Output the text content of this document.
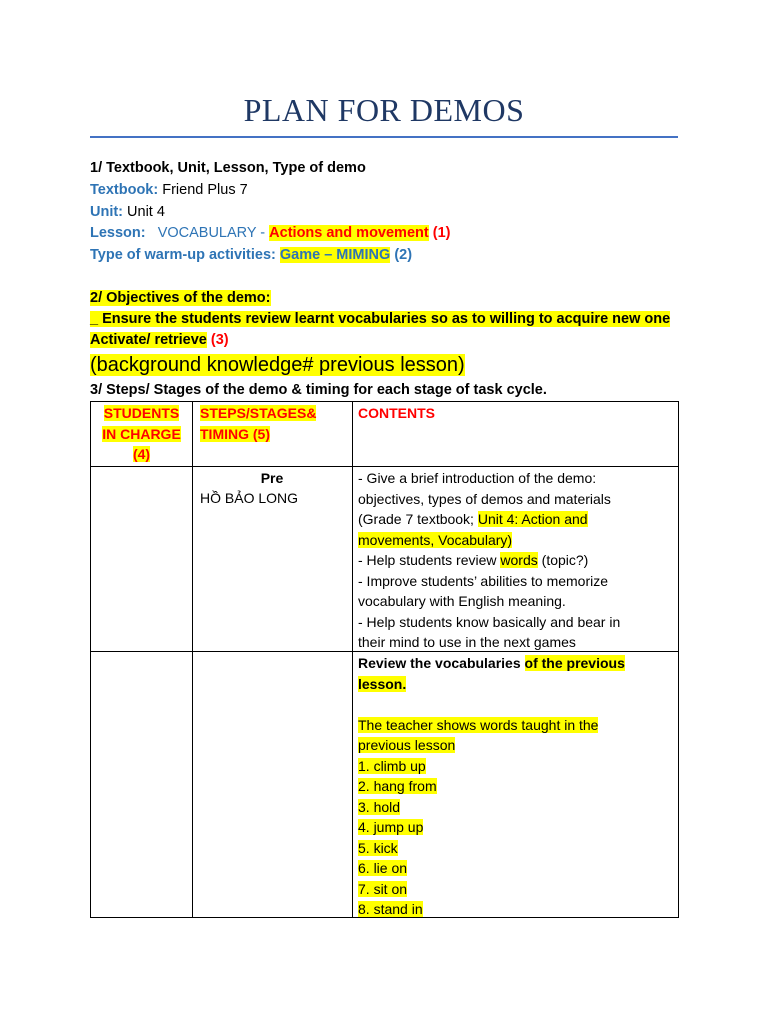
PLAN FOR DEMOS
1/ Textbook, Unit, Lesson, Type of demo
Textbook: Friend Plus 7
Unit: Unit 4
Lesson: VOCABULARY - Actions and movement (1)
Type of warm-up activities: Game – MIMING (2)
2/ Objectives of the demo:
_ Ensure the students review learnt vocabularies so as to willing to acquire new one
Activate/ retrieve (3)
(background knowledge# previous lesson)
3/ Steps/ Stages of the demo & timing for each stage of task cycle.
STUDENTS
IN CHARGE
(4)
STEPS/STAGES&
TIMING (5)
CONTENTS
Pre
HỒ BẢO LONG
- Give a brief introduction of the demo:
objectives, types of demos and materials
(Grade 7 textbook; Unit 4: Action and
movements, Vocabulary)
- Help students review words (topic?)
- Improve students’ abilities to memorize
vocabulary with English meaning.
- Help students know basically and bear in
their mind to use in the next games
Review the vocabularies of the previous
lesson.

The teacher shows words taught in the
previous lesson
1. climb up
2. hang from
3. hold
4. jump up
5. kick
6. lie on
7. sit on
8. stand in
